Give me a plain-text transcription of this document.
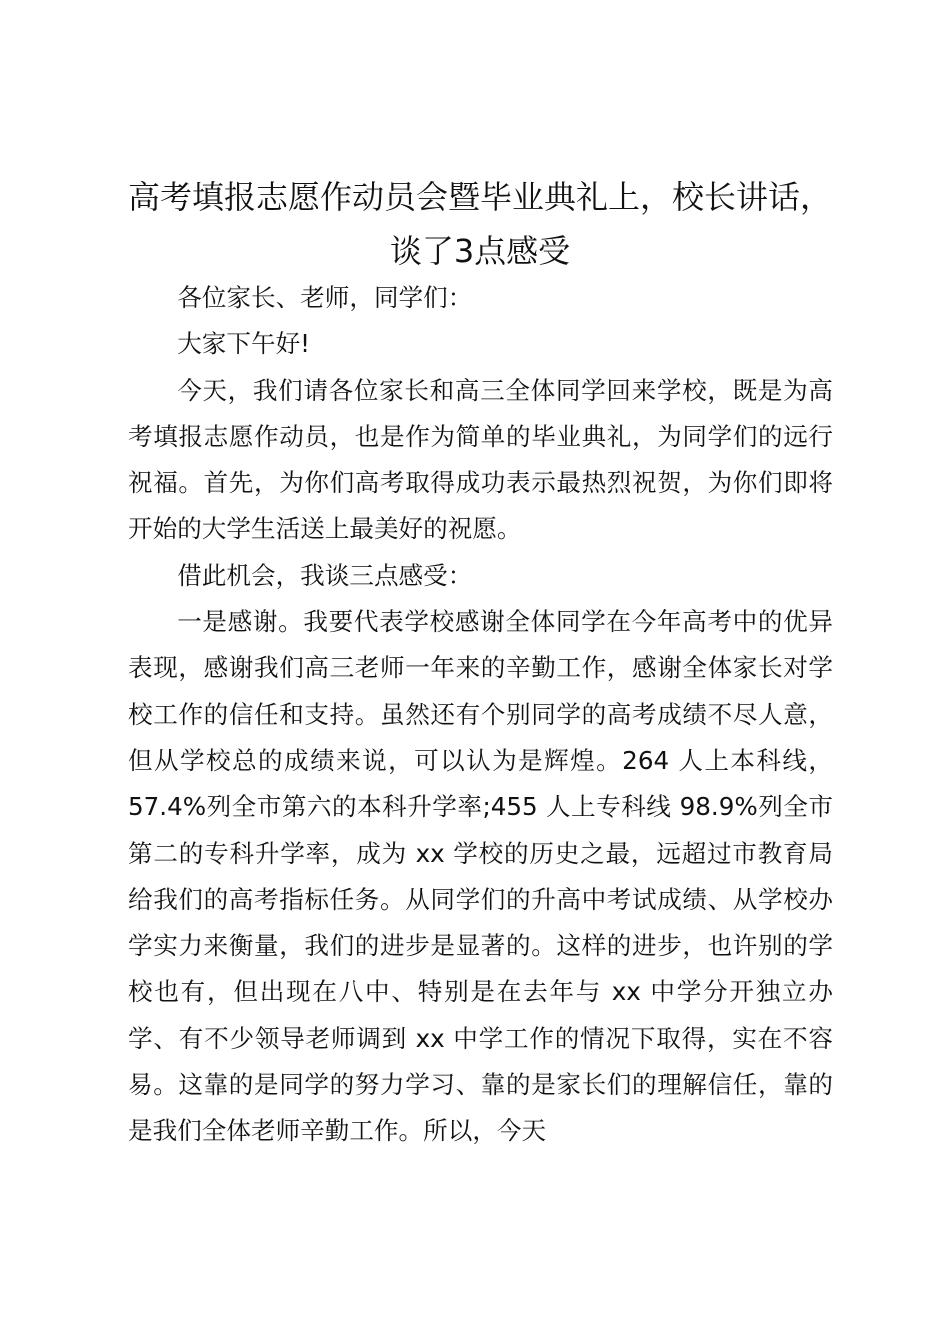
高考填报志愿作动员会暨毕业典礼上，校长讲话，谈了3点感受

各位家长、老师，同学们：

大家下午好!

今天，我们请各位家长和高三全体同学回来学校，既是为高考填报志愿作动员，也是作为简单的毕业典礼，为同学们的远行祝福。首先，为你们高考取得成功表示最热烈祝贺，为你们即将开始的大学生活送上最美好的祝愿。

借此机会，我谈三点感受：

一是感谢。我要代表学校感谢全体同学在今年高考中的优异表现，感谢我们高三老师一年来的辛勤工作，感谢全体家长对学校工作的信任和支持。虽然还有个别同学的高考成绩不尽人意，但从学校总的成绩来说，可以认为是辉煌。264 人上本科线，57.4%列全市第六的本科升学率;455 人上专科线 98.9%列全市第二的专科升学率，成为 xx 学校的历史之最，远超过市教育局给我们的高考指标任务。从同学们的升高中考试成绩、从学校办学实力来衡量，我们的进步是显著的。这样的进步，也许别的学校也有，但出现在八中、特别是在去年与 xx 中学分开独立办学、有不少领导老师调到 xx 中学工作的情况下取得，实在不容易。这靠的是同学的努力学习、靠的是家长们的理解信任，靠的是我们全体老师辛勤工作。所以，今天
